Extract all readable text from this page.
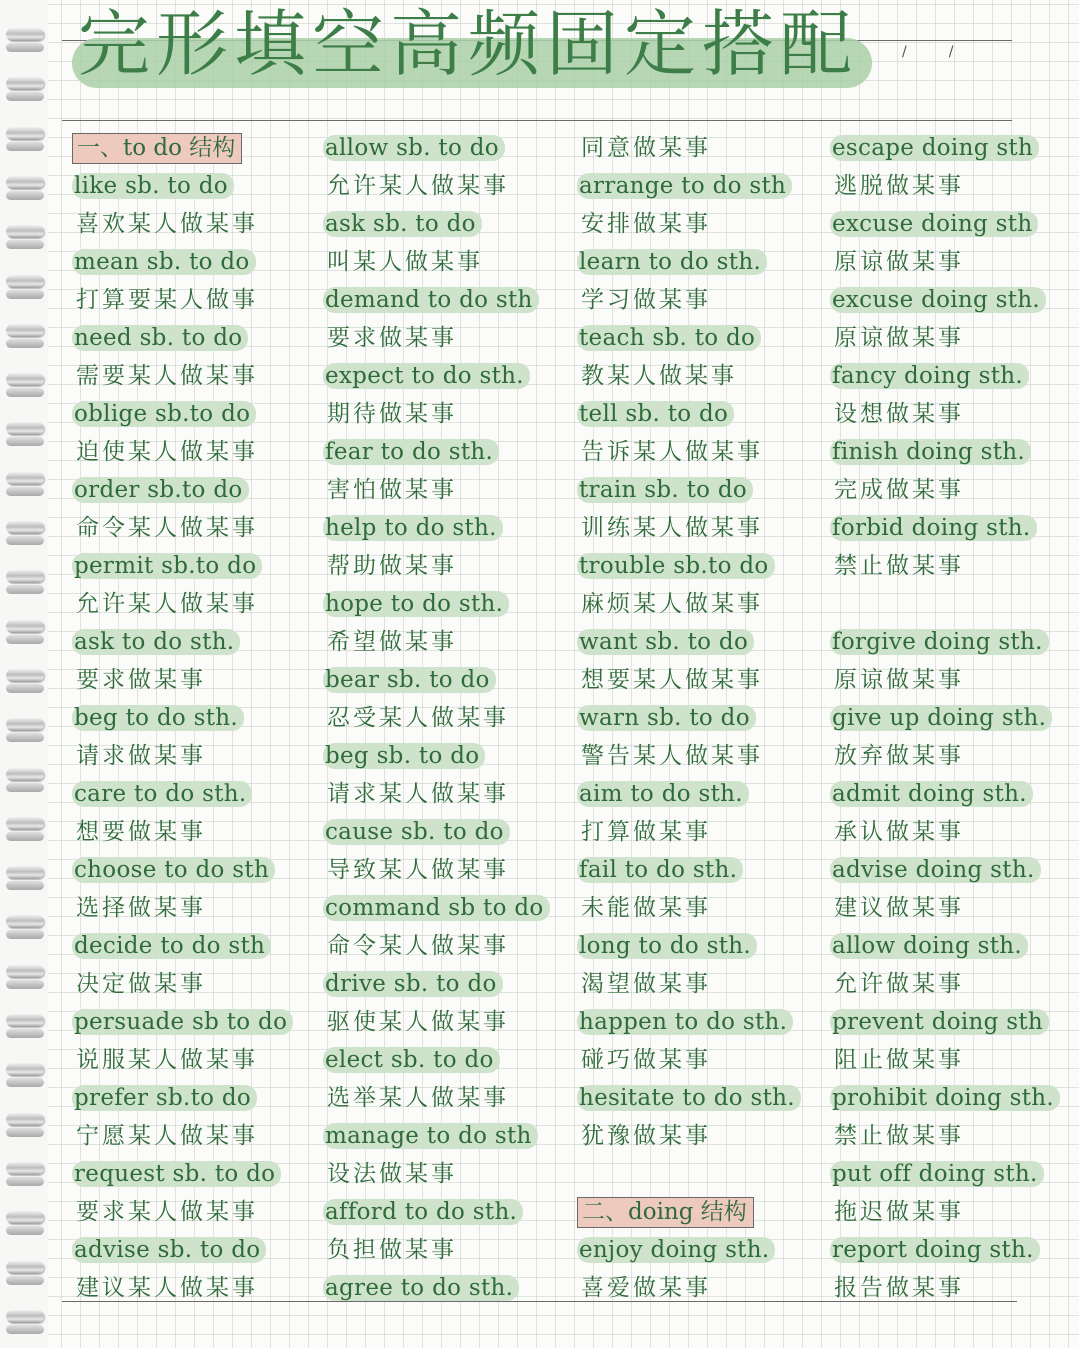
完形填空高频固定搭配	/	/
一、to do 结构
like sb. to do
喜欢某人做某事
mean sb. to do
打算要某人做事
need sb. to do
需要某人做某事
oblige sb.to do
迫使某人做某事
order sb.to do
命令某人做某事
permit sb.to do
允许某人做某事
ask to do sth.
要求做某事
beg to do sth.
请求做某事
care to do sth.
想要做某事
choose to do sth
选择做某事
decide to do sth
决定做某事
persuade sb to do
说服某人做某事
prefer sb.to do
宁愿某人做某事
request sb. to do
要求某人做某事
advise sb. to do
建议某人做某事
allow sb. to do
允许某人做某事
ask sb. to do
叫某人做某事
demand to do sth
要求做某事
expect to do sth.
期待做某事
fear to do sth.
害怕做某事
help to do sth.
帮助做某事
hope to do sth.
希望做某事
bear sb. to do
忍受某人做某事
beg sb. to do
请求某人做某事
cause sb. to do
导致某人做某事
command sb to do
命令某人做某事
drive sb. to do
驱使某人做某事
elect sb. to do
选举某人做某事
manage to do sth
设法做某事
afford to do sth.
负担做某事
agree to do sth.
同意做某事
arrange to do sth
安排做某事
learn to do sth.
学习做某事
teach sb. to do
教某人做某事
tell sb. to do
告诉某人做某事
train sb. to do
训练某人做某事
trouble sb.to do
麻烦某人做某事
want sb. to do
想要某人做某事
warn sb. to do
警告某人做某事
aim to do sth.
打算做某事
fail to do sth.
未能做某事
long to do sth.
渴望做某事
happen to do sth.
碰巧做某事
hesitate to do sth.
犹豫做某事
二、doing 结构
enjoy doing sth.
喜爱做某事
escape doing sth
逃脱做某事
excuse doing sth
原谅做某事
excuse doing sth.
原谅做某事
fancy doing sth.
设想做某事
finish doing sth.
完成做某事
forbid doing sth.
禁止做某事
forgive doing sth.
原谅做某事
give up doing sth.
放弃做某事
admit doing sth.
承认做某事
advise doing sth.
建议做某事
allow doing sth.
允许做某事
prevent doing sth
阻止做某事
prohibit doing sth.
禁止做某事
put off doing sth.
拖迟做某事
report doing sth.
报告做某事
